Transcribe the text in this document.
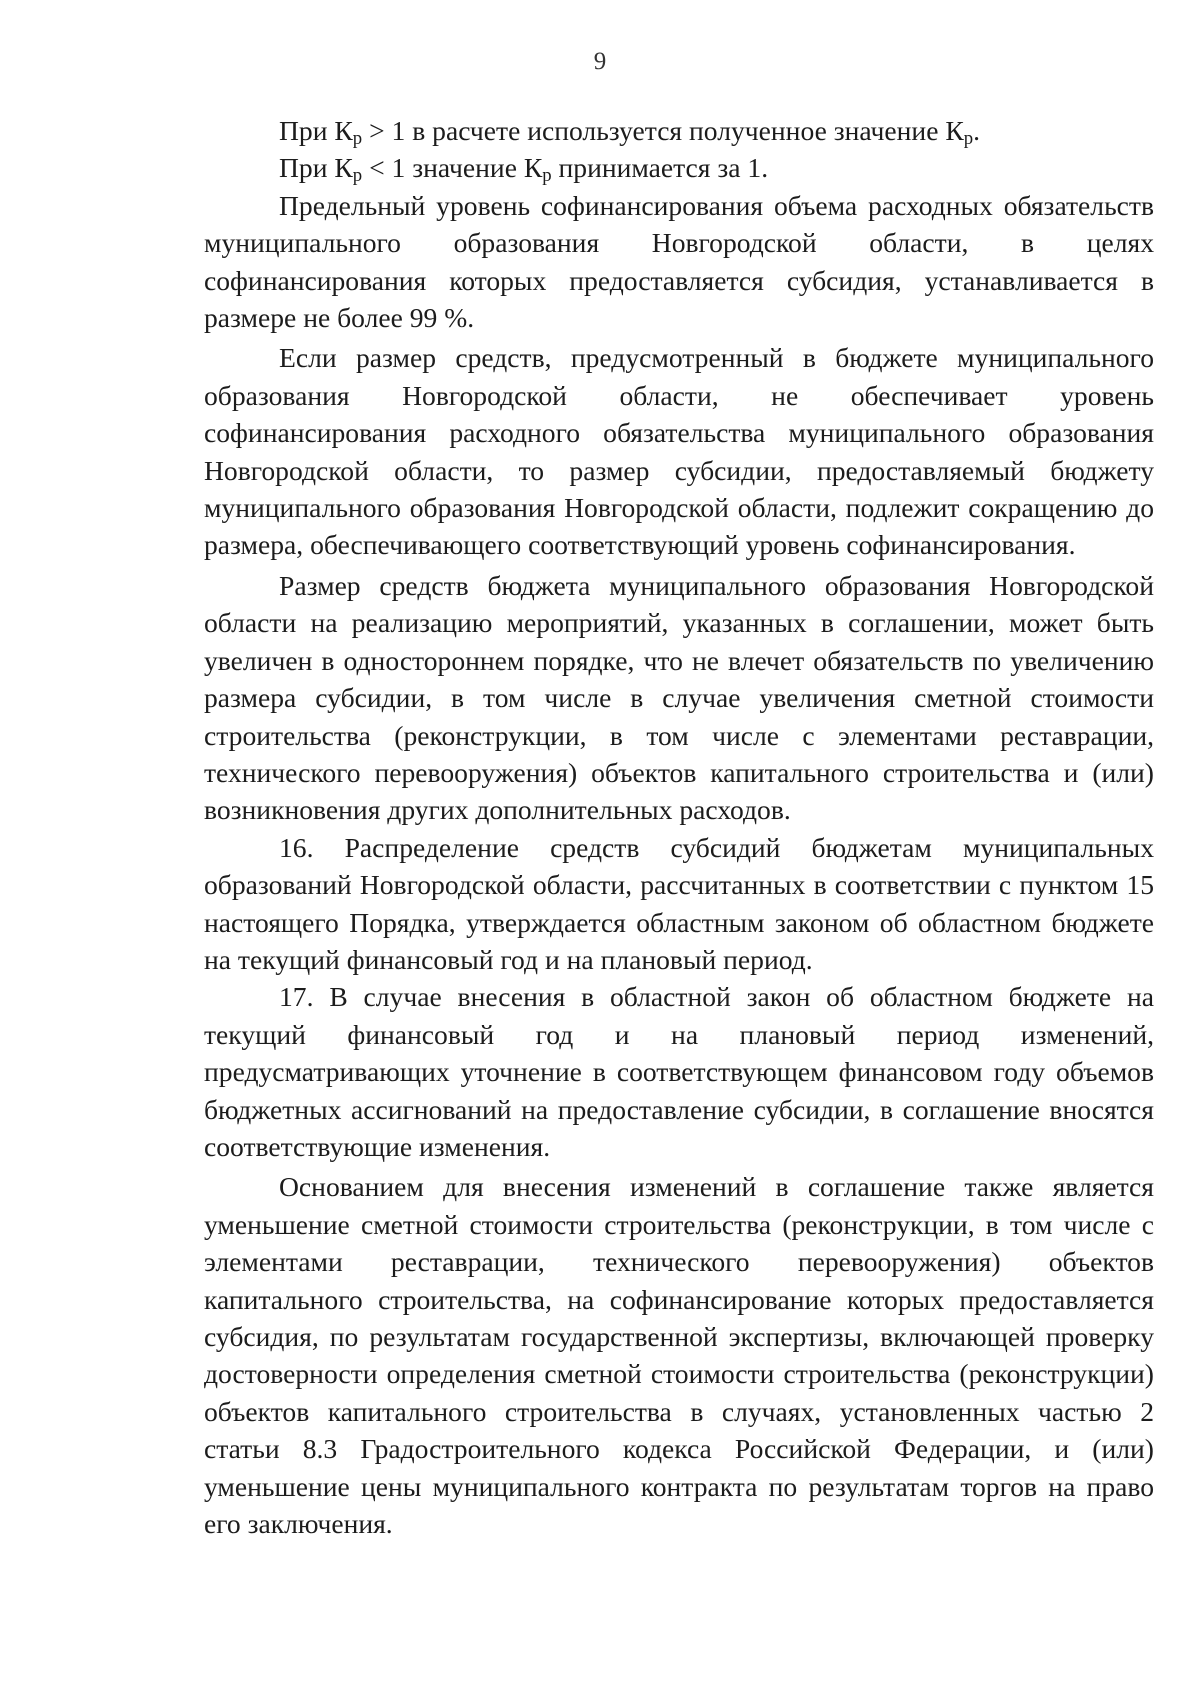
9

При $К_р > 1$ в расчете используется полученное значение $К_р$.

При $К_р < 1$ значение $К_р$ принимается за 1.

Предельный уровень софинансирования объема расходных обязательств муниципального образования Новгородской области, в целях софинансирования которых предоставляется субсидия, устанавливается в размере не более 99 %.

Если размер средств, предусмотренный в бюджете муниципального образования Новгородской области, не обеспечивает уровень софинансирования расходного обязательства муниципального образования Новгородской области, то размер субсидии, предоставляемый бюджету муниципального образования Новгородской области, подлежит сокращению до размера, обеспечивающего соответствующий уровень софинансирования.

Размер средств бюджета муниципального образования Новгородской области на реализацию мероприятий, указанных в соглашении, может быть увеличен в одностороннем порядке, что не влечет обязательств по увеличению размера субсидии, в том числе в случае увеличения сметной стоимости строительства (реконструкции, в том числе с элементами реставрации, технического перевооружения) объектов капитального строительства и (или) возникновения других дополнительных расходов.

16. Распределение средств субсидий бюджетам муниципальных образований Новгородской области, рассчитанных в соответствии с пунктом 15 настоящего Порядка, утверждается областным законом об областном бюджете на текущий финансовый год и на плановый период.

17. В случае внесения в областной закон об областном бюджете на текущий финансовый год и на плановый период изменений, предусматривающих уточнение в соответствующем финансовом году объемов бюджетных ассигнований на предоставление субсидии, в соглашение вносятся соответствующие изменения.

Основанием для внесения изменений в соглашение также является уменьшение сметной стоимости строительства (реконструкции, в том числе с элементами реставрации, технического перевооружения) объектов капитального строительства, на софинансирование которых предоставляется субсидия, по результатам государственной экспертизы, включающей проверку достоверности определения сметной стоимости строительства (реконструкции) объектов капитального строительства в случаях, установленных частью 2 статьи 8.3 Градостроительного кодекса Российской Федерации, и (или) уменьшение цены муниципального контракта по результатам торгов на право его заключения.
